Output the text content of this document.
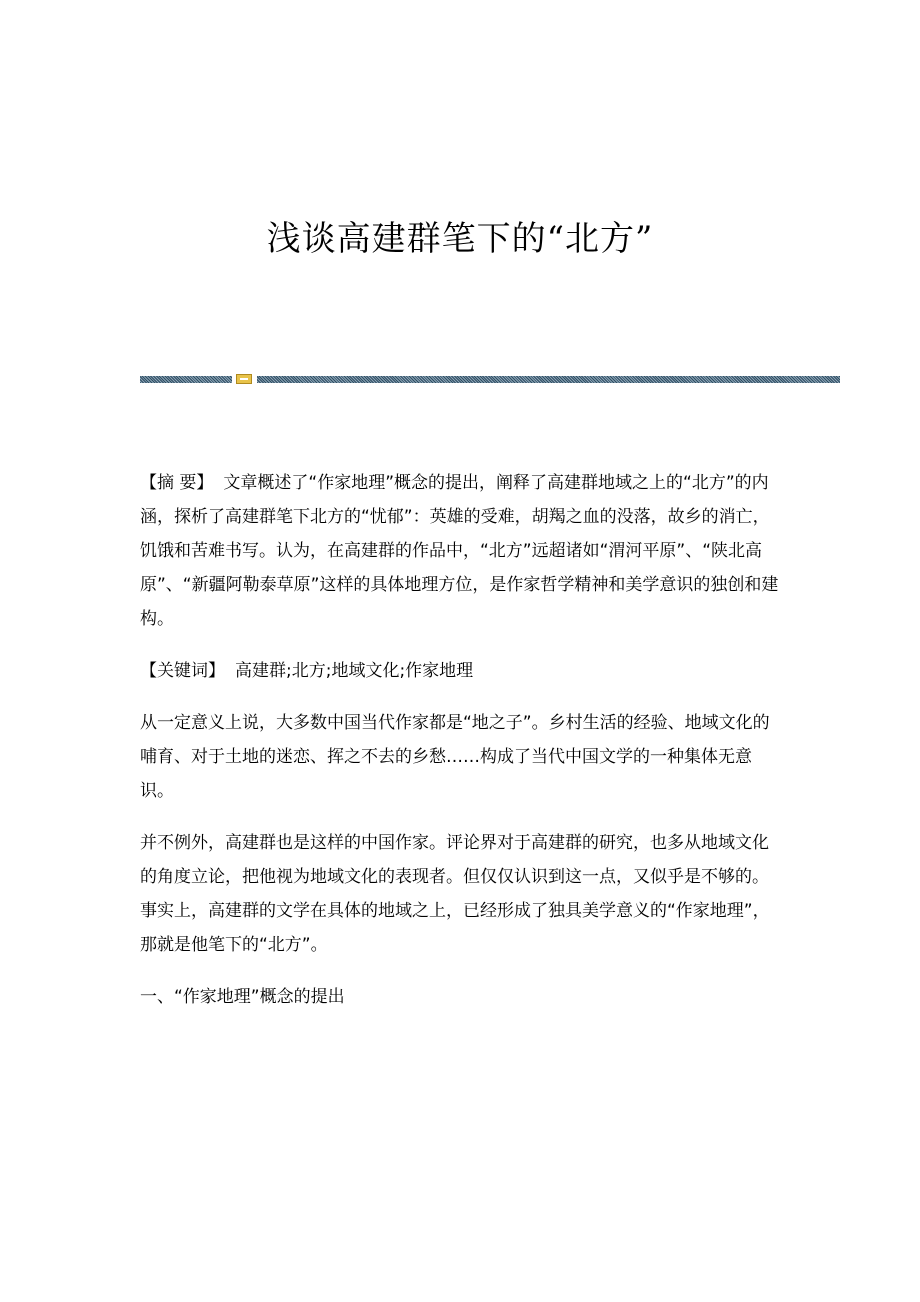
浅谈高建群笔下的“北方”

【摘 要】 文章概述了“作家地理”概念的提出，阐释了高建群地域之上的“北方”的内涵，探析了高建群笔下北方的“忧郁”：英雄的受难，胡羯之血的没落，故乡的消亡，饥饿和苦难书写。认为，在高建群的作品中，“北方”远超诸如“渭河平原”、“陕北高原”、“新疆阿勒泰草原”这样的具体地理方位，是作家哲学精神和美学意识的独创和建构。

【关键词】 高建群;北方;地域文化;作家地理

从一定意义上说，大多数中国当代作家都是“地之子”。乡村生活的经验、地域文化的哺育、对于土地的迷恋、挥之不去的乡愁……构成了当代中国文学的一种集体无意识。

并不例外，高建群也是这样的中国作家。评论界对于高建群的研究，也多从地域文化的角度立论，把他视为地域文化的表现者。但仅仅认识到这一点，又似乎是不够的。事实上，高建群的文学在具体的地域之上，已经形成了独具美学意义的“作家地理”，那就是他笔下的“北方”。

一、“作家地理”概念的提出
